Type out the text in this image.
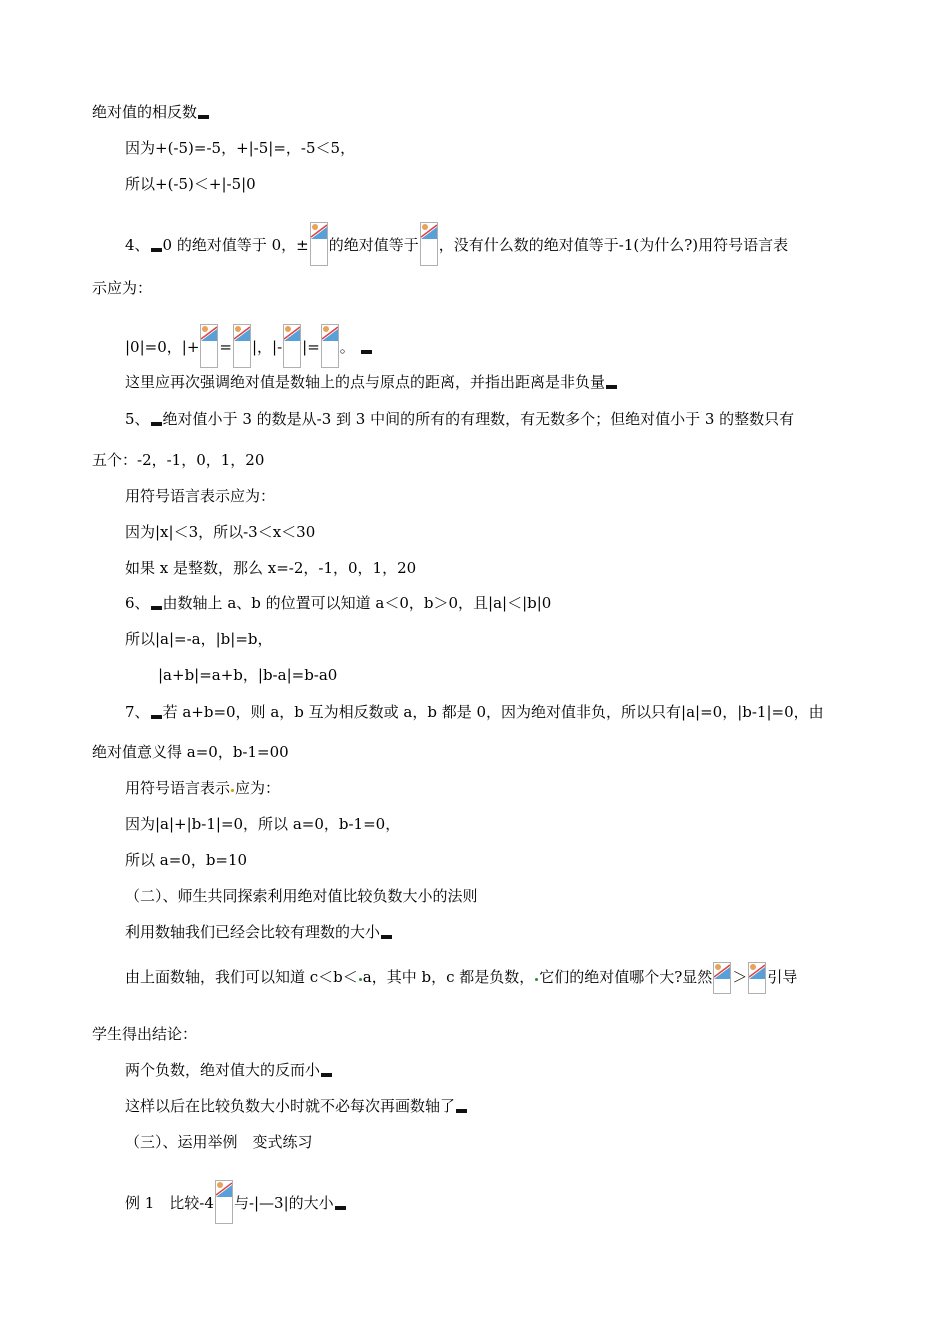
绝对值的相反数
因为+(-5)=-5，+|-5|=，-5＜5，
所以+(-5)＜+|-5|0
4、 0 的绝对值等于 0，± 的绝对值等于 ，没有什么数的绝对值等于-1(为什么?)用符号语言表
示应为：
|0|=0，|+ = |，|- |= 。
这里应再次强调绝对值是数轴上的点与原点的距离，并指出距离是非负量
5、 绝对值小于 3 的数是从-3 到 3 中间的所有的有理数，有无数多个；但绝对值小于 3 的整数只有
五个：-2，-1，0，1，20
用符号语言表示应为：
因为|x|＜3，所以-3＜x＜30
如果 x 是整数，那么 x=-2，-1，0，1，20
6、 由数轴上 a、b 的位置可以知道 a＜0，b＞0，且|a|＜|b|0
所以|a|=-a，|b|=b，
|a+b|=a+b，|b-a|=b-a0
7、 若 a+b=0，则 a，b 互为相反数或 a，b 都是 0，因为绝对值非负，所以只有|a|=0，|b-1|=0，由
绝对值意义得 a=0，b-1=00
用符号语言表示 应为：
因为|a|+|b-1|=0，所以 a=0，b-1=0，
所以 a=0，b=10
（二）、师生共同探索利用绝对值比较负数大小的法则
利用数轴我们已经会比较有理数的大小
由上面数轴，我们可以知道 c＜b＜ a，其中 b，c 都是负数， 它们的绝对值哪个大?显然 ＞ 引导
学生得出结论：
两个负数，绝对值大的反而小
这样以后在比较负数大小时就不必每次再画数轴了
（三）、运用举例　变式练习
例 1　比较-4 与-|—3|的大小
